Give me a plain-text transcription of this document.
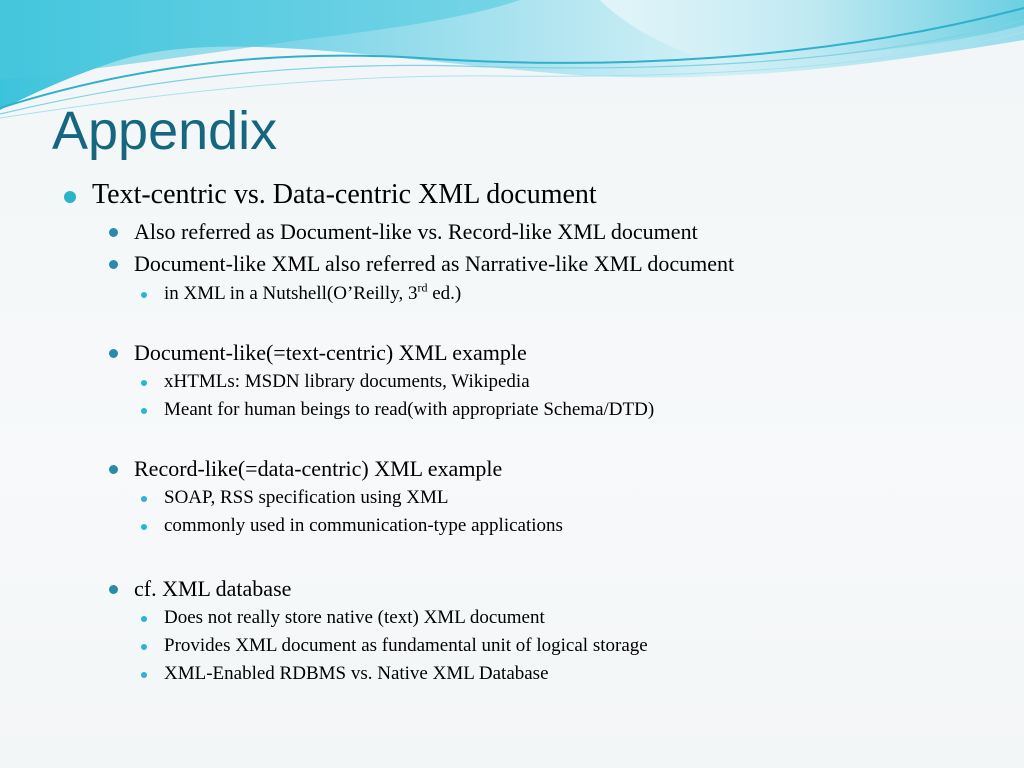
Appendix
Text-centric vs. Data-centric XML document
Also referred as Document-like vs. Record-like XML document
Document-like XML also referred as Narrative-like XML document
in XML in a Nutshell(O’Reilly, 3rd ed.)
Document-like(=text-centric) XML example
xHTMLs: MSDN library documents, Wikipedia
Meant for human beings to read(with appropriate Schema/DTD)
Record-like(=data-centric) XML example
SOAP, RSS specification using XML
commonly used in communication-type applications
cf. XML database
Does not really store native (text) XML document
Provides XML document as fundamental unit of logical storage
XML-Enabled RDBMS vs. Native XML Database
